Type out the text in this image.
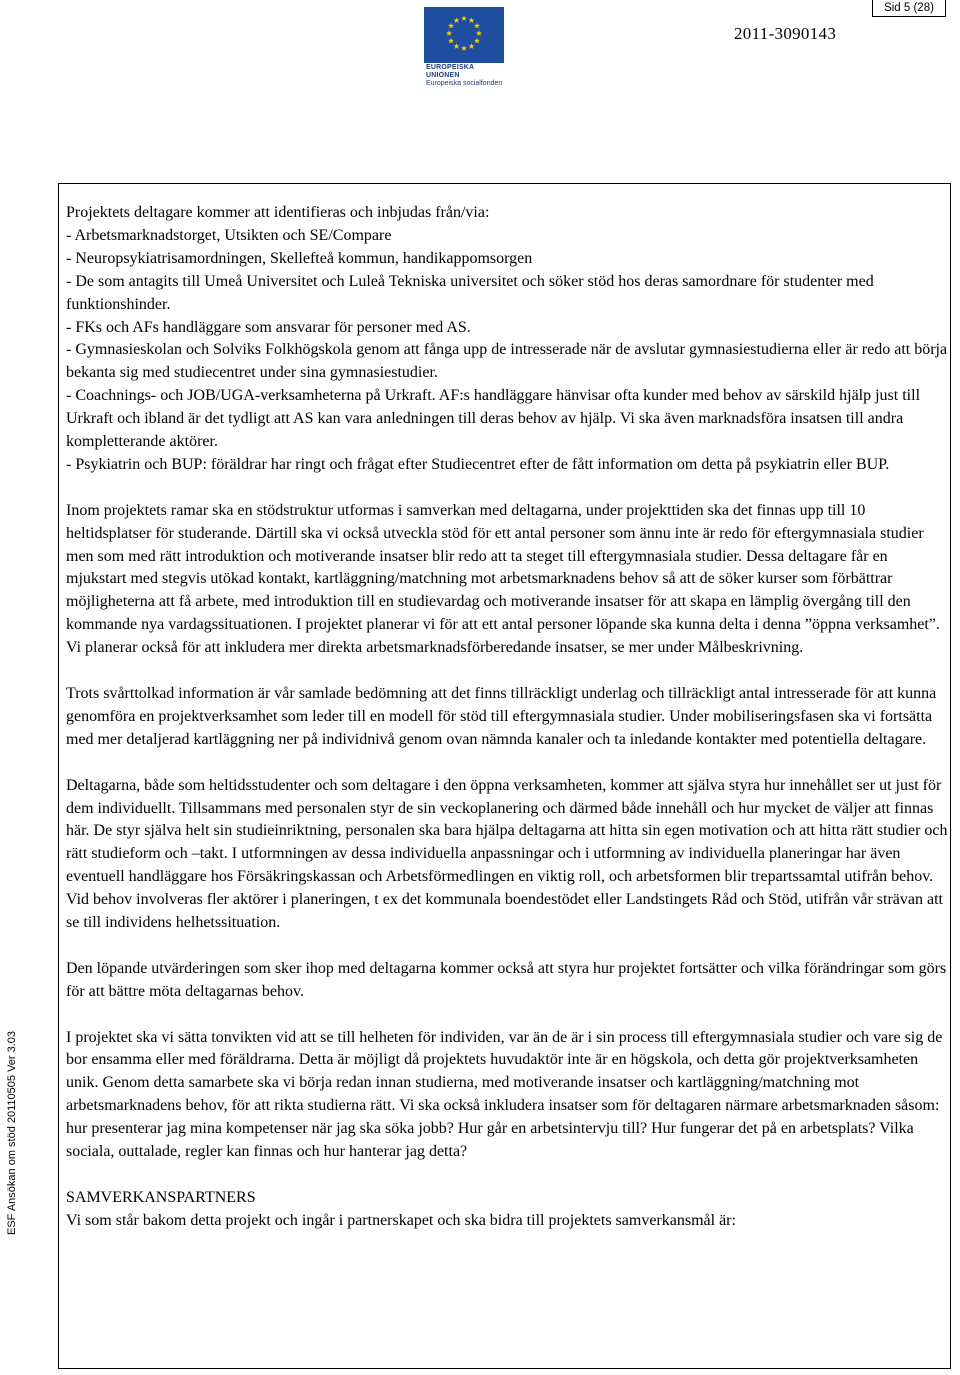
Sid 5 (28)
EUROPEISKA UNIONEN
Europeiska socialfonden
2011-3090143
ESF Ansökan om stöd 20110505 Ver 3.03

Projektets deltagare kommer att identifieras och inbjudas från/via:

- Arbetsmarknadstorget, Utsikten och SE/Compare

- Neuropsykiatrisamordningen, Skellefteå kommun, handikappomsorgen

- De som antagits till Umeå Universitet och Luleå Tekniska universitet och söker stöd hos deras samordnare för studenter med funktionshinder.

- FKs och AFs handläggare som ansvarar för personer med AS.

- Gymnasieskolan och Solviks Folkhögskola genom att fånga upp de intresserade när de avslutar gymnasiestudierna eller är redo att börja bekanta sig med studiecentret under sina gymnasiestudier.

- Coachnings- och JOB/UGA-verksamheterna på Urkraft. AF:s handläggare hänvisar ofta kunder med behov av särskild hjälp just till Urkraft och ibland är det tydligt att AS kan vara anledningen till deras behov av hjälp. Vi ska även marknadsföra insatsen till andra kompletterande aktörer.

- Psykiatrin och BUP: föräldrar har ringt och frågat efter Studiecentret efter de fått information om detta på psykiatrin eller BUP.

Inom projektets ramar ska en stödstruktur utformas i samverkan med deltagarna, under projekttiden ska det finnas upp till 10 heltidsplatser för studerande. Därtill ska vi också utveckla stöd för ett antal personer som ännu inte är redo för eftergymnasiala studier men som med rätt introduktion och motiverande insatser blir redo att ta steget till eftergymnasiala studier. Dessa deltagare får en mjukstart med stegvis utökad kontakt, kartläggning/matchning mot arbetsmarknadens behov så att de söker kurser som förbättrar möjligheterna att få arbete, med introduktion till en studievardag och motiverande insatser för att skapa en lämplig övergång till den kommande nya vardagssituationen. I projektet planerar vi för att ett antal personer löpande ska kunna delta i denna ”öppna verksamhet”. Vi planerar också för att inkludera mer direkta arbetsmarknadsförberedande insatser, se mer under Målbeskrivning.

Trots svårttolkad information är vår samlade bedömning att det finns tillräckligt underlag och tillräckligt antal intresserade för att kunna genomföra en projektverksamhet som leder till en modell för stöd till eftergymnasiala studier. Under mobiliseringsfasen ska vi fortsätta med mer detaljerad kartläggning ner på individnivå genom ovan nämnda kanaler och ta inledande kontakter med potentiella deltagare.

Deltagarna, både som heltidsstudenter och som deltagare i den öppna verksamheten, kommer att själva styra hur innehållet ser ut just för dem individuellt. Tillsammans med personalen styr de sin veckoplanering och därmed både innehåll och hur mycket de väljer att finnas här. De styr själva helt sin studieinriktning, personalen ska bara hjälpa deltagarna att hitta sin egen motivation och att hitta rätt studier och rätt studieform och –takt. I utformningen av dessa individuella anpassningar och i utformning av individuella planeringar har även eventuell handläggare hos Försäkringskassan och Arbetsförmedlingen en viktig roll, och arbetsformen blir trepartssamtal utifrån behov. Vid behov involveras fler aktörer i planeringen, t ex det kommunala boendestödet eller Landstingets Råd och Stöd, utifrån vår strävan att se till individens helhetssituation.

Den löpande utvärderingen som sker ihop med deltagarna kommer också att styra hur projektet fortsätter och vilka förändringar som görs för att bättre möta deltagarnas behov.

I projektet ska vi sätta tonvikten vid att se till helheten för individen, var än de är i sin process till eftergymnasiala studier och vare sig de bor ensamma eller med föräldrarna. Detta är möjligt då projektets huvudaktör inte är en högskola, och detta gör projektverksamheten unik. Genom detta samarbete ska vi börja redan innan studierna, med motiverande insatser och kartläggning/matchning mot arbetsmarknadens behov, för att rikta studierna rätt. Vi ska också inkludera insatser som för deltagaren närmare arbetsmarknaden såsom: hur presenterar jag mina kompetenser när jag ska söka jobb? Hur går en arbetsintervju till? Hur fungerar det på en arbetsplats? Vilka sociala, outtalade, regler kan finnas och hur hanterar jag detta?

SAMVERKANSPARTNERS

Vi som står bakom detta projekt och ingår i partnerskapet och ska bidra till projektets samverkansmål är:
